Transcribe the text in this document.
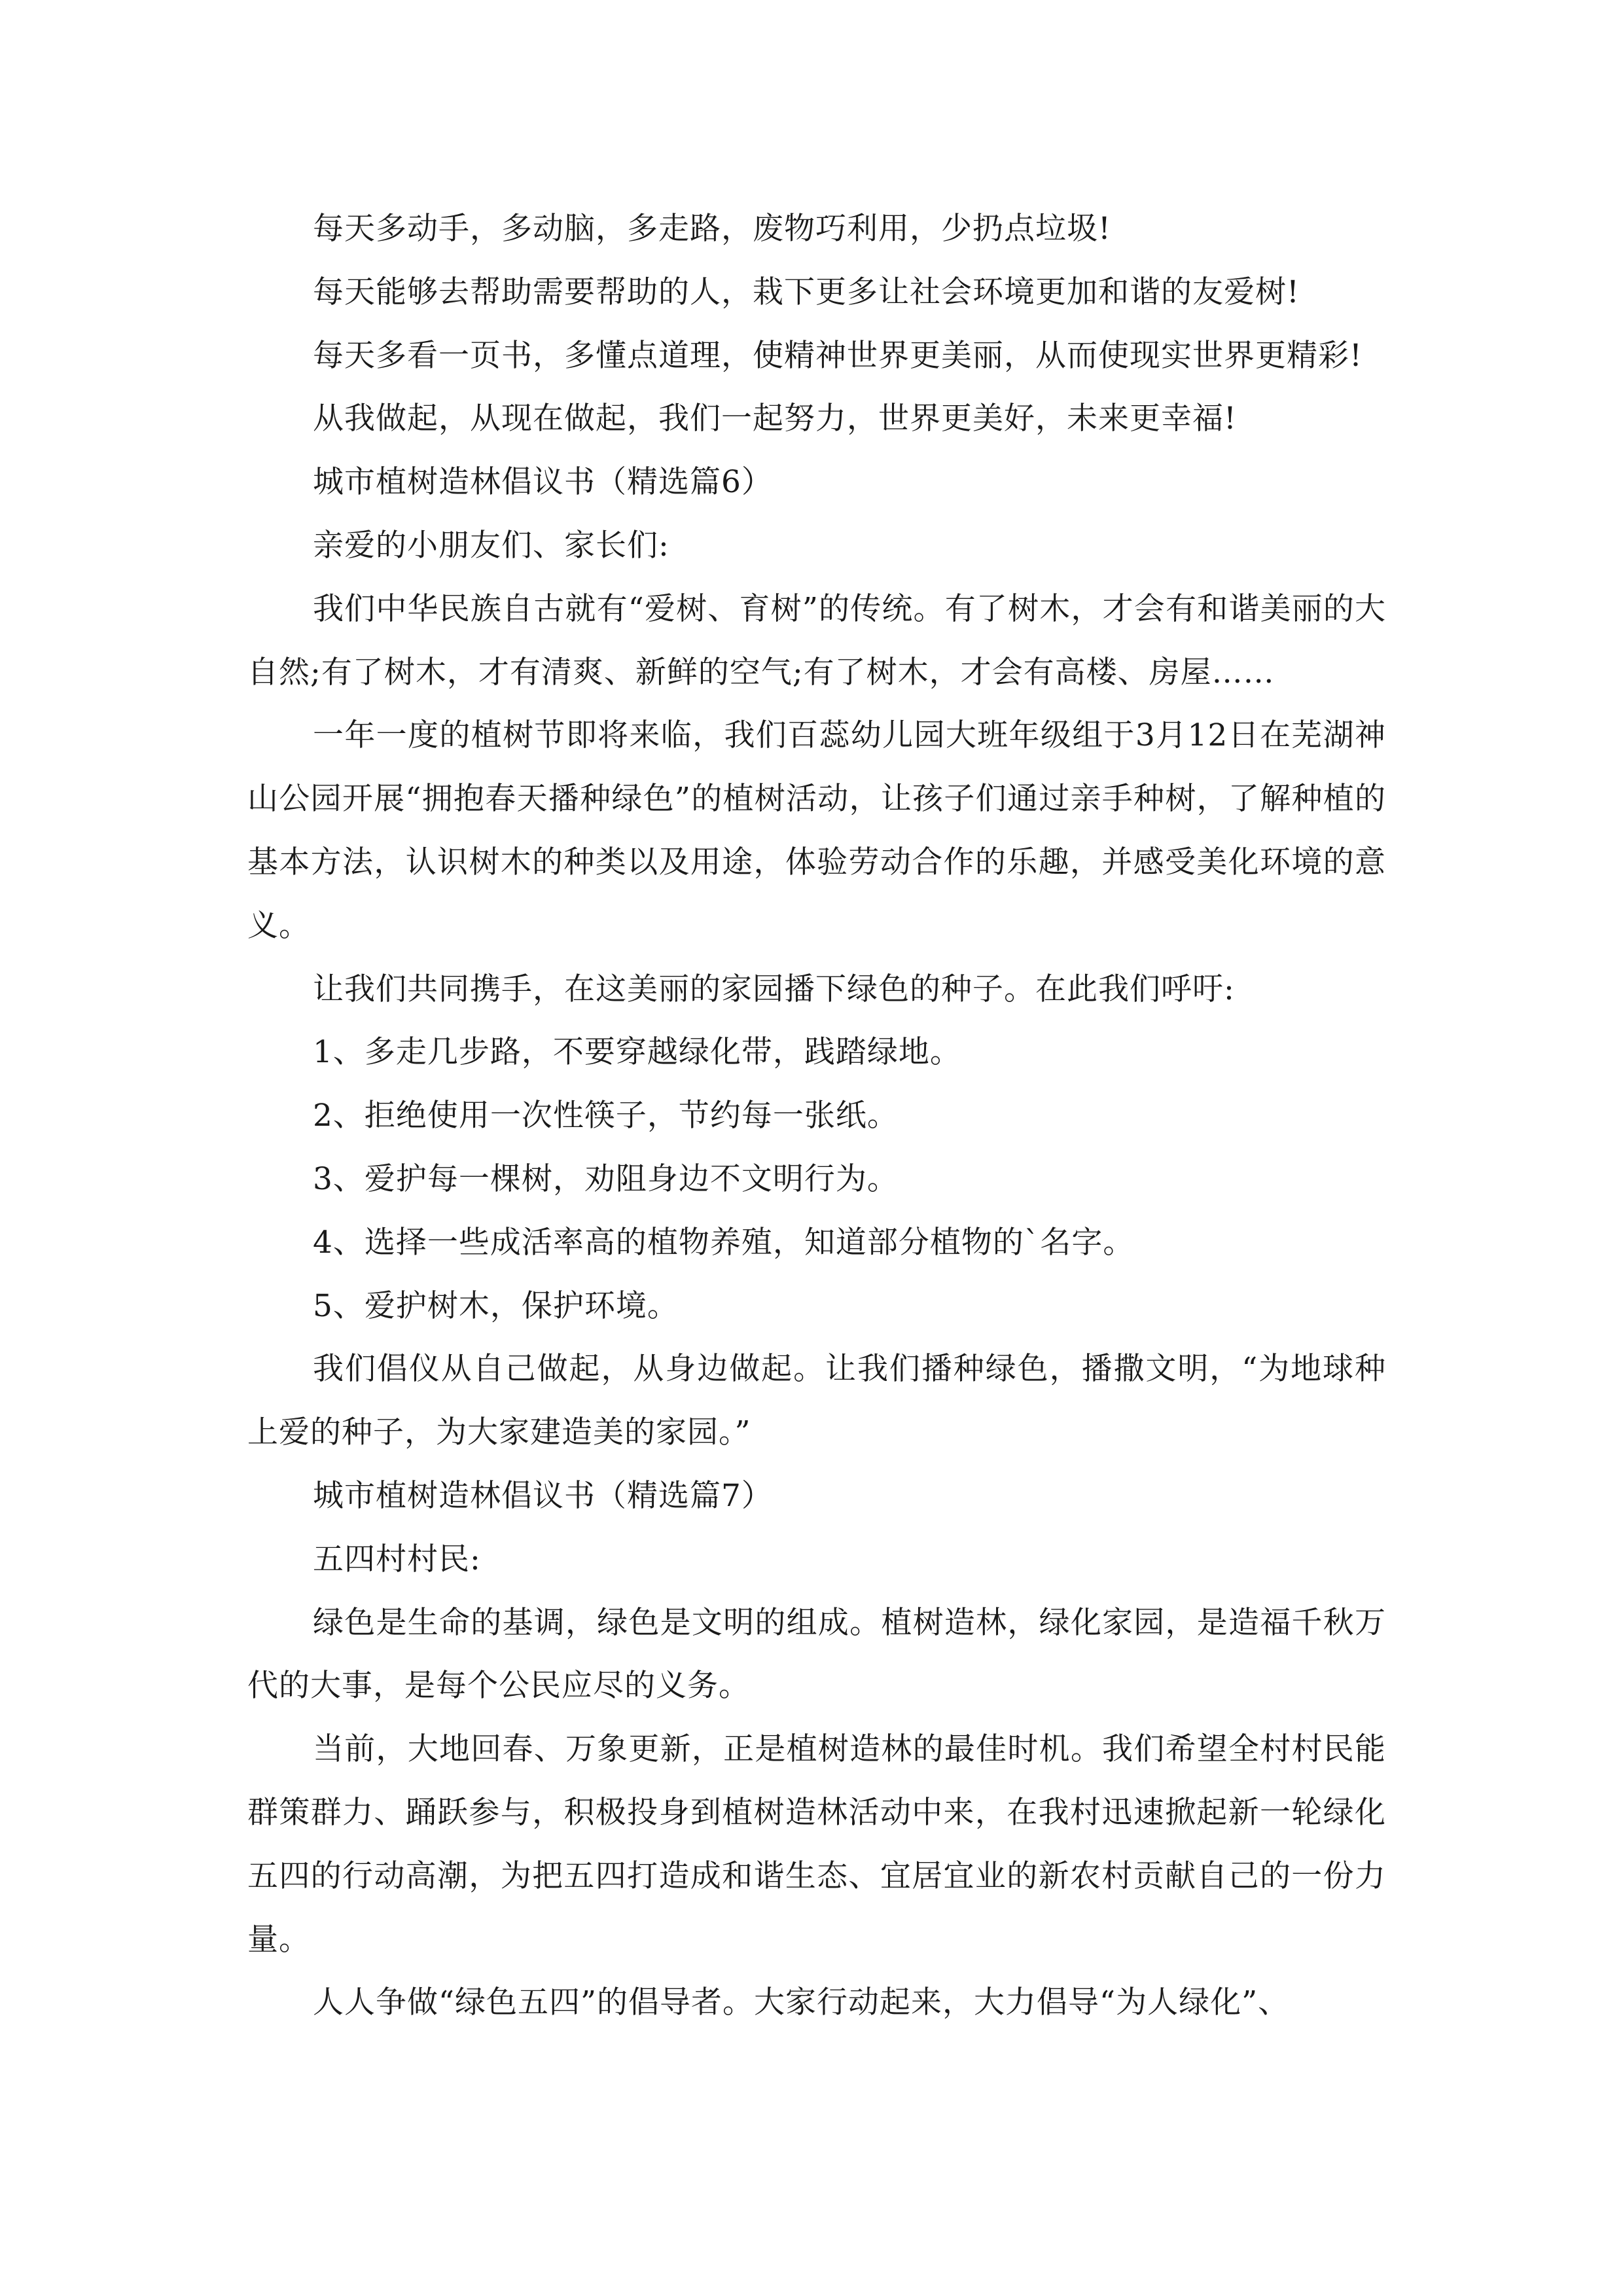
每天多动手，多动脑，多走路，废物巧利用，少扔点垃圾!

每天能够去帮助需要帮助的人，栽下更多让社会环境更加和谐的友爱树!

每天多看一页书，多懂点道理，使精神世界更美丽，从而使现实世界更精彩!

从我做起，从现在做起，我们一起努力，世界更美好，未来更幸福!

城市植树造林倡议书（精选篇6）

亲爱的小朋友们、家长们:

我们中华民族自古就有“爱树、育树”的传统。有了树木，才会有和谐美丽的大自然;有了树木，才有清爽、新鲜的空气;有了树木，才会有高楼、房屋……

一年一度的植树节即将来临，我们百蕊幼儿园大班年级组于3月12日在芜湖神山公园开展“拥抱春天播种绿色”的植树活动，让孩子们通过亲手种树，了解种植的基本方法，认识树木的种类以及用途，体验劳动合作的乐趣，并感受美化环境的意义。

让我们共同携手，在这美丽的家园播下绿色的种子。在此我们呼吁:

1、多走几步路，不要穿越绿化带，践踏绿地。

2、拒绝使用一次性筷子，节约每一张纸。

3、爱护每一棵树，劝阻身边不文明行为。

4、选择一些成活率高的植物养殖，知道部分植物的`名字。

5、爱护树木，保护环境。

我们倡仪从自己做起，从身边做起。让我们播种绿色，播撒文明，“为地球种上爱的种子，为大家建造美的家园。”

城市植树造林倡议书（精选篇7）

五四村村民:

绿色是生命的基调，绿色是文明的组成。植树造林，绿化家园，是造福千秋万代的大事，是每个公民应尽的义务。

当前，大地回春、万象更新，正是植树造林的最佳时机。我们希望全村村民能群策群力、踊跃参与，积极投身到植树造林活动中来，在我村迅速掀起新一轮绿化五四的行动高潮，为把五四打造成和谐生态、宜居宜业的新农村贡献自己的一份力量。

人人争做“绿色五四”的倡导者。大家行动起来，大力倡导“为人绿化”、
